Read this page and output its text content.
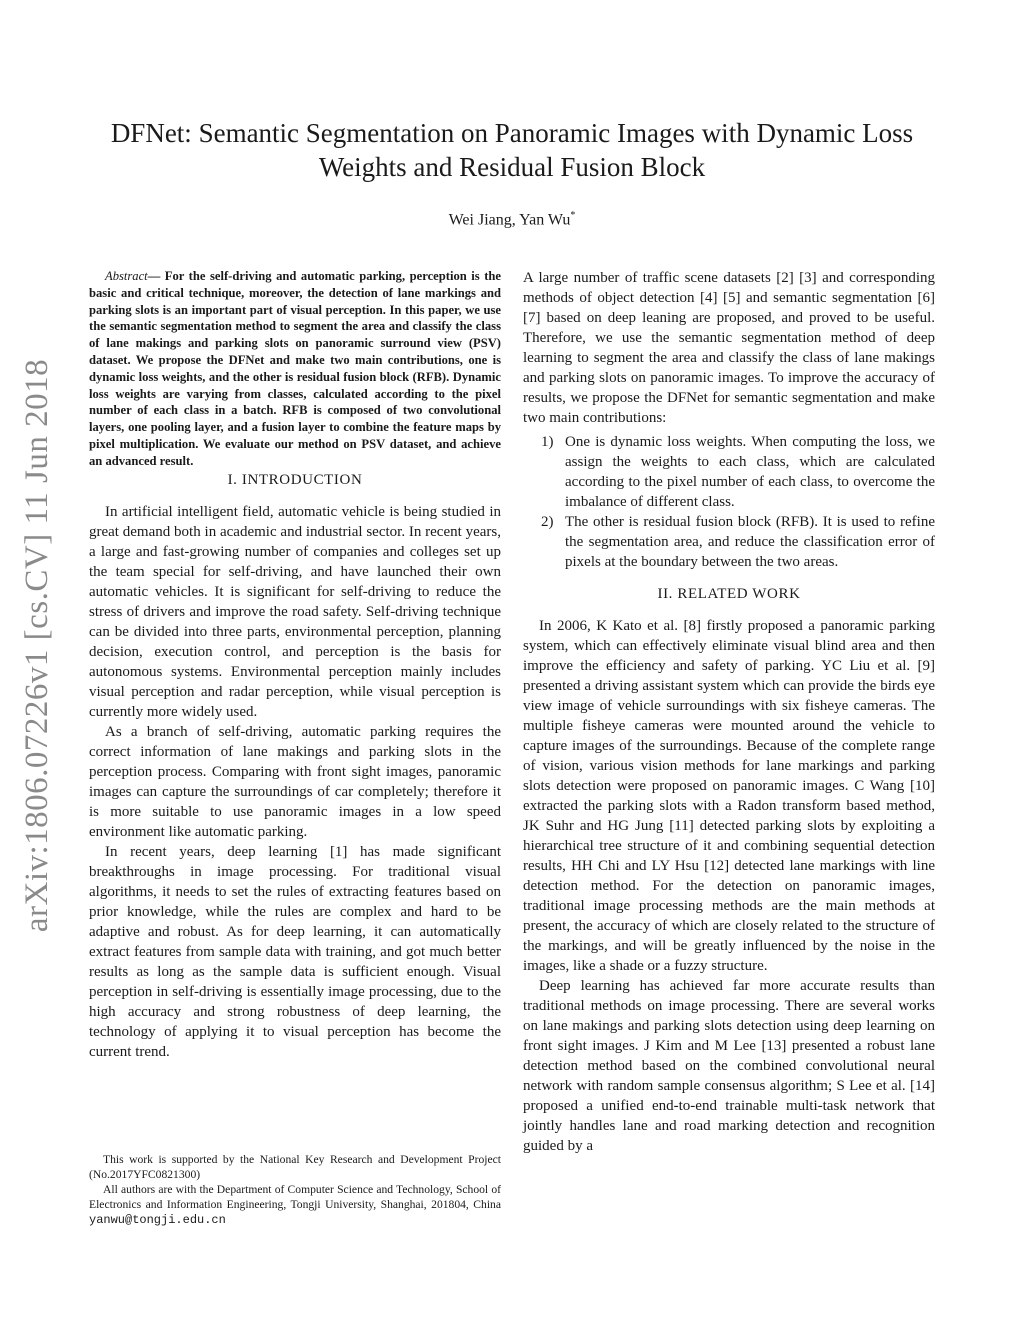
arXiv:1806.07226v1 [cs.CV] 11 Jun 2018
DFNet: Semantic Segmentation on Panoramic Images with Dynamic Loss
Weights and Residual Fusion Block
Wei Jiang, Yan Wu*

Abstract— For the self-driving and automatic parking, perception is the basic and critical technique, moreover, the detection of lane markings and parking slots is an important part of visual perception. In this paper, we use the semantic segmentation method to segment the area and classify the class of lane makings and parking slots on panoramic surround view (PSV) dataset. We propose the DFNet and make two main contributions, one is dynamic loss weights, and the other is residual fusion block (RFB). Dynamic loss weights are varying from classes, calculated according to the pixel number of each class in a batch. RFB is composed of two convolutional layers, one pooling layer, and a fusion layer to combine the feature maps by pixel multiplication. We evaluate our method on PSV dataset, and achieve an advanced result.

I. INTRODUCTION

In artificial intelligent field, automatic vehicle is being studied in great demand both in academic and industrial sector. In recent years, a large and fast-growing number of companies and colleges set up the team special for self-driving, and have launched their own automatic vehicles. It is significant for self-driving to reduce the stress of drivers and improve the road safety. Self-driving technique can be divided into three parts, environmental perception, planning decision, execution control, and perception is the basis for autonomous systems. Environmental perception mainly includes visual perception and radar perception, while visual perception is currently more widely used.

As a branch of self-driving, automatic parking requires the correct information of lane makings and parking slots in the perception process. Comparing with front sight images, panoramic images can capture the surroundings of car completely; therefore it is more suitable to use panoramic images in a low speed environment like automatic parking.

In recent years, deep learning [1] has made significant breakthroughs in image processing. For traditional visual algorithms, it needs to set the rules of extracting features based on prior knowledge, while the rules are complex and hard to be adaptive and robust. As for deep learning, it can automatically extract features from sample data with training, and got much better results as long as the sample data is sufficient enough. Visual perception in self-driving is essentially image processing, due to the high accuracy and strong robustness of deep learning, the technology of applying it to visual perception has become the current trend.

A large number of traffic scene datasets [2] [3] and corresponding methods of object detection [4] [5] and semantic segmentation [6] [7] based on deep leaning are proposed, and proved to be useful. Therefore, we use the semantic segmentation method of deep learning to segment the area and classify the class of lane makings and parking slots on panoramic images. To improve the accuracy of results, we propose the DFNet for semantic segmentation and make two main contributions:

1) One is dynamic loss weights. When computing the loss, we assign the weights to each class, which are calculated according to the pixel number of each class, to overcome the imbalance of different class.
2) The other is residual fusion block (RFB). It is used to refine the segmentation area, and reduce the classification error of pixels at the boundary between the two areas.
II. RELATED WORK

In 2006, K Kato et al. [8] firstly proposed a panoramic parking system, which can effectively eliminate visual blind area and then improve the efficiency and safety of parking. YC Liu et al. [9] presented a driving assistant system which can provide the birds eye view image of vehicle surroundings with six fisheye cameras. The multiple fisheye cameras were mounted around the vehicle to capture images of the surroundings. Because of the complete range of vision, various vision methods for lane markings and parking slots detection were proposed on panoramic images. C Wang [10] extracted the parking slots with a Radon transform based method, JK Suhr and HG Jung [11] detected parking slots by exploiting a hierarchical tree structure of it and combining sequential detection results, HH Chi and LY Hsu [12] detected lane markings with line detection method. For the detection on panoramic images, traditional image processing methods are the main methods at present, the accuracy of which are closely related to the structure of the markings, and will be greatly influenced by the noise in the images, like a shade or a fuzzy structure.

Deep learning has achieved far more accurate results than traditional methods on image processing. There are several works on lane makings and parking slots detection using deep learning on front sight images. J Kim and M Lee [13] presented a robust lane detection method based on the combined convolutional neural network with random sample consensus algorithm; S Lee et al. [14] proposed a unified end-to-end trainable multi-task network that jointly handles lane and road marking detection and recognition guided by a

This work is supported by the National Key Research and Development Project (No.2017YFC0821300)

All authors are with the Department of Computer Science and Technology, School of Electronics and Information Engineering, Tongji University, Shanghai, 201804, China yanwu@tongji.edu.cn
